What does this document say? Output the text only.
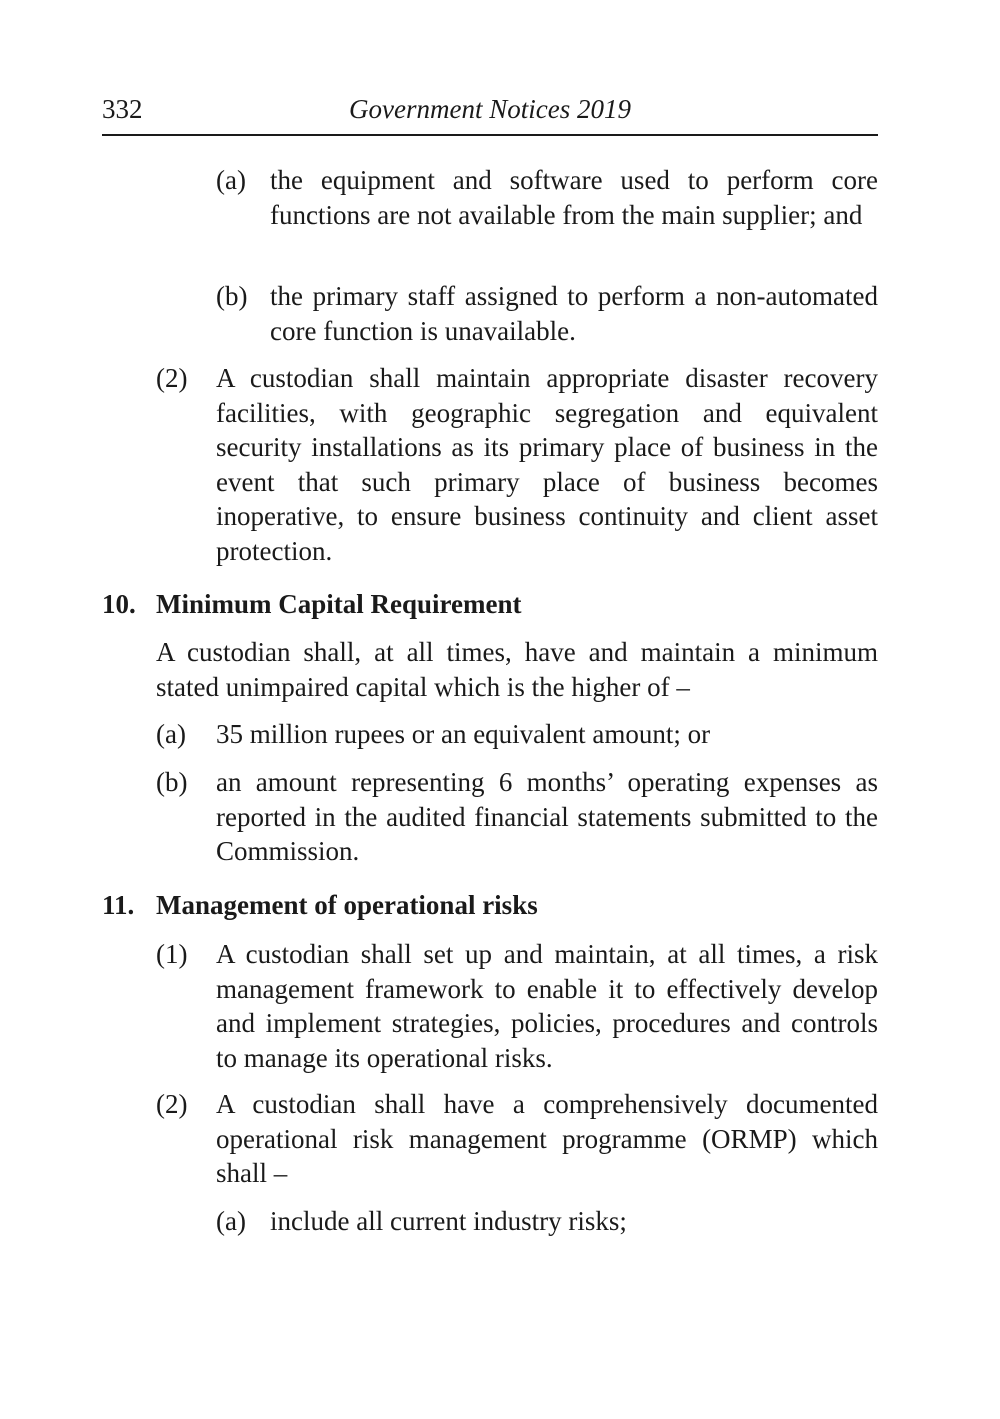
332	Government Notices 2019
(a) the equipment and software used to perform core functions are not available from the main supplier; and
(b) the primary staff assigned to perform a non-automated core function is unavailable.
(2) A custodian shall maintain appropriate disaster recovery facilities, with geographic segregation and equivalent security installations as its primary place of business in the event that such primary place of business becomes inoperative, to ensure business continuity and client asset protection.
10. Minimum Capital Requirement
A custodian shall, at all times, have and maintain a minimum stated unimpaired capital which is the higher of –
(a) 35 million rupees or an equivalent amount; or
(b) an amount representing 6 months’ operating expenses as reported in the audited financial statements submitted to the Commission.
11. Management of operational risks
(1) A custodian shall set up and maintain, at all times, a risk management framework to enable it to effectively develop and implement strategies, policies, procedures and controls to manage its operational risks.
(2) A custodian shall have a comprehensively documented operational risk management programme (ORMP) which shall –
(a) include all current industry risks;
